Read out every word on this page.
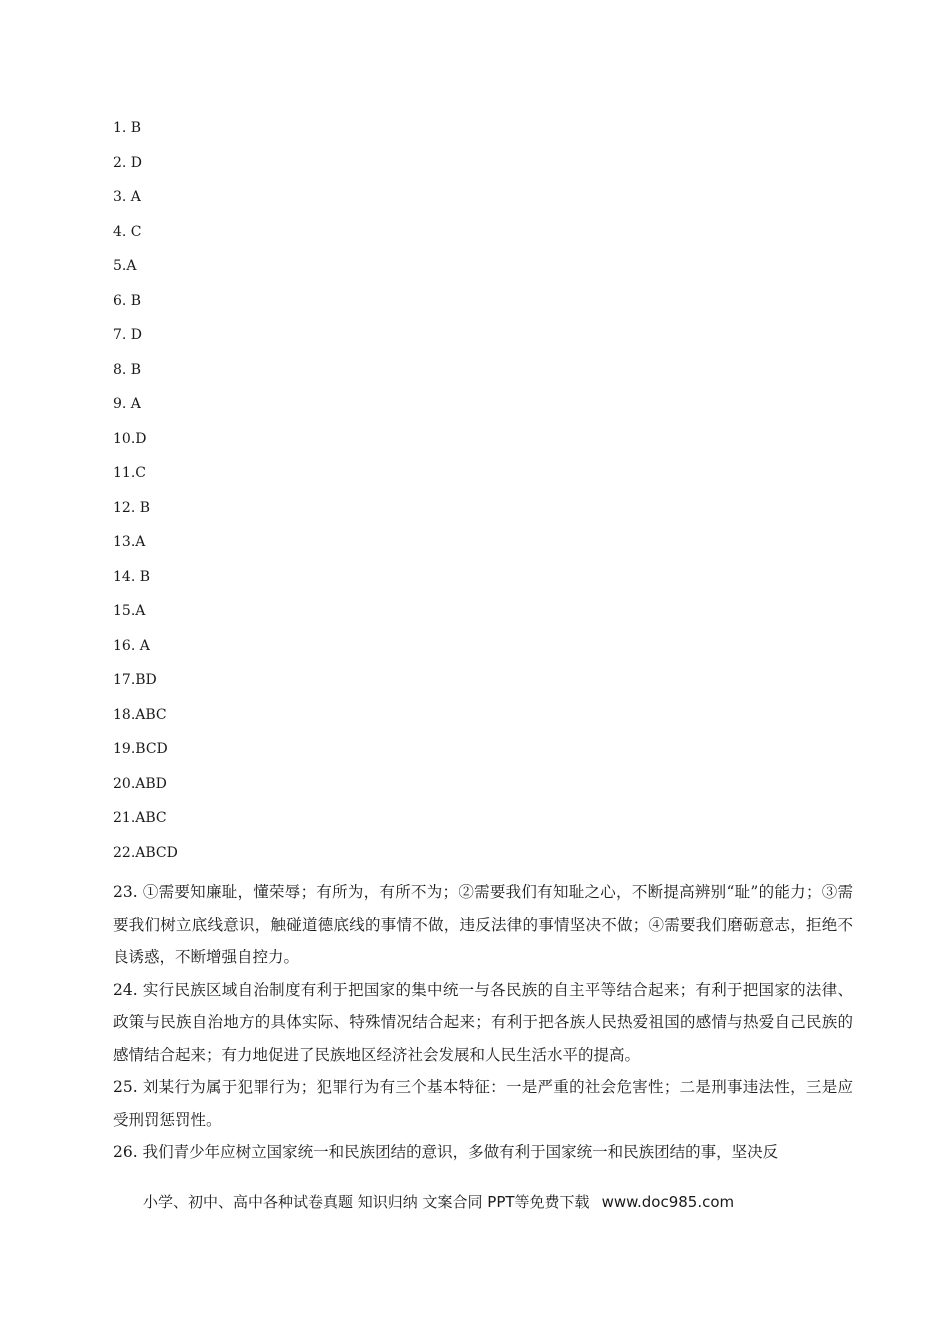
1. B
2. D
3. A
4. C
5.A
6. B
7. D
8. B
9. A
10.D
11.C
12. B
13.A
14. B
15.A
16. A
17.BD
18.ABC
19.BCD
20.ABD
21.ABC
22.ABCD

23. ①需要知廉耻，懂荣辱；有所为，有所不为；②需要我们有知耻之心，不断提高辨别“耻”的能力；③需要我们树立底线意识，触碰道德底线的事情不做，违反法律的事情坚决不做；④需要我们磨砺意志，拒绝不良诱惑，不断增强自控力。

24. 实行民族区域自治制度有利于把国家的集中统一与各民族的自主平等结合起来；有利于把国家的法律、政策与民族自治地方的具体实际、特殊情况结合起来；有利于把各族人民热爱祖国的感情与热爱自己民族的感情结合起来；有力地促进了民族地区经济社会发展和人民生活水平的提高。

25. 刘某行为属于犯罪行为；犯罪行为有三个基本特征：一是严重的社会危害性；二是刑事违法性，三是应受刑罚惩罚性。

26. 我们青少年应树立国家统一和民族团结的意识，多做有利于国家统一和民族团结的事，坚决反

小学、初中、高中各种试卷真题 知识归纳 文案合同 PPT等免费下载 www.doc985.com
